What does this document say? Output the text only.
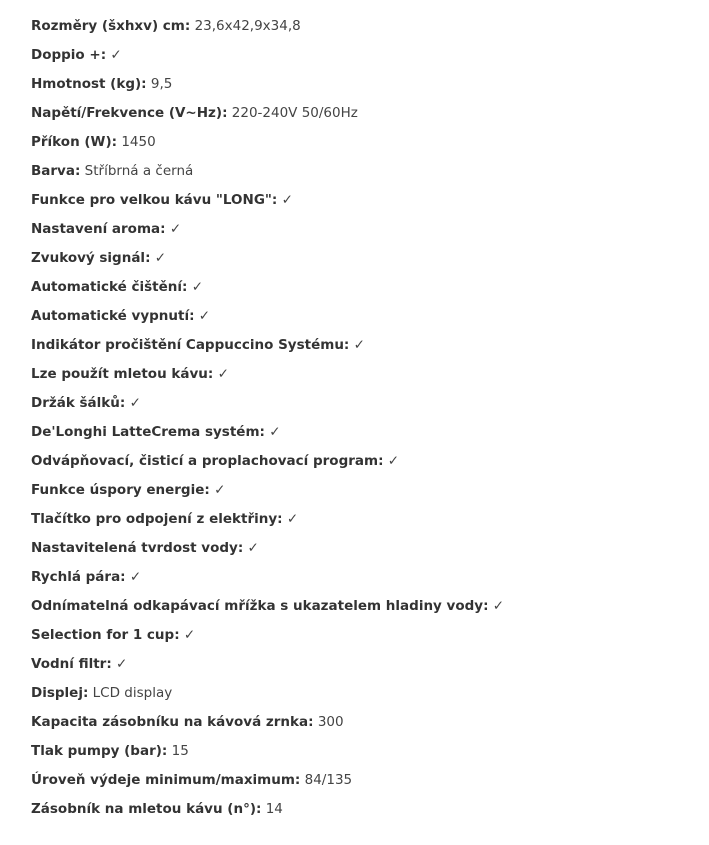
Rozměry (šxhxv) cm: 23,6x42,9x34,8
Doppio +: ✓
Hmotnost (kg): 9,5
Napětí/Frekvence (V~Hz): 220-240V 50/60Hz
Příkon (W): 1450
Barva: Stříbrná a černá
Funkce pro velkou kávu "LONG": ✓
Nastavení aroma: ✓
Zvukový signál: ✓
Automatické čištění: ✓
Automatické vypnutí: ✓
Indikátor pročištění Cappuccino Systému: ✓
Lze použít mletou kávu: ✓
Držák šálků: ✓
De'Longhi LatteCrema systém: ✓
Odvápňovací, čisticí a proplachovací program: ✓
Funkce úspory energie: ✓
Tlačítko pro odpojení z elektřiny: ✓
Nastavitelená tvrdost vody: ✓
Rychlá pára: ✓
Odnímatelná odkapávací mřížka s ukazatelem hladiny vody: ✓
Selection for 1 cup: ✓
Vodní filtr: ✓
Displej: LCD display
Kapacita zásobníku na kávová zrnka: 300
Tlak pumpy (bar): 15
Úroveň výdeje minimum/maximum: 84/135
Zásobník na mletou kávu (n°): 14
